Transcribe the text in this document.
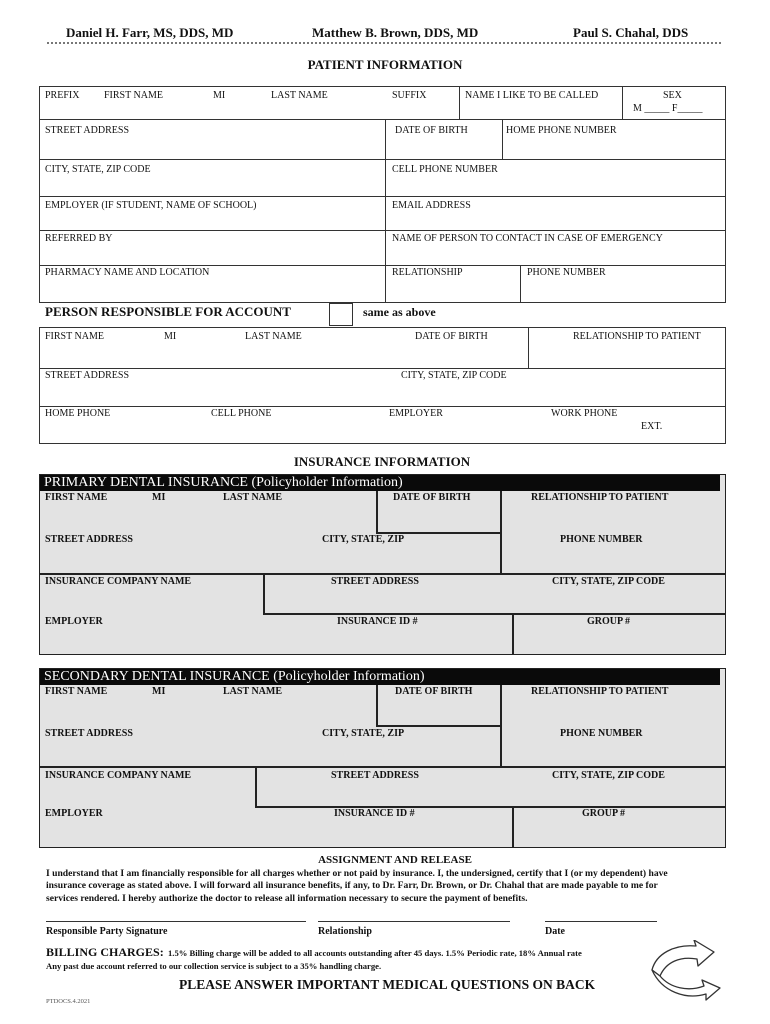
Daniel H. Farr, MS, DDS, MD	Matthew B. Brown, DDS, MD	Paul S. Chahal, DDS
PATIENT INFORMATION
PREFIX FIRST NAME	MI	LAST NAME	SUFFIX	NAME I LIKE TO BE CALLED	SEX
M _____ F_____
STREET ADDRESS	DATE OF BIRTH	HOME PHONE NUMBER
CITY, STATE, ZIP CODE	CELL PHONE NUMBER
EMPLOYER (IF STUDENT, NAME OF SCHOOL)	EMAIL ADDRESS
REFERRED BY	NAME OF PERSON TO CONTACT IN CASE OF EMERGENCY
PHARMACY NAME AND LOCATION	RELATIONSHIP	PHONE NUMBER
PERSON RESPONSIBLE FOR ACCOUNT	same as above
FIRST NAME	MI	LAST NAME	DATE OF BIRTH	RELATIONSHIP TO PATIENT
STREET ADDRESS	CITY, STATE, ZIP CODE
HOME PHONE	CELL PHONE	EMPLOYER	WORK PHONE
EXT.
INSURANCE INFORMATION
PRIMARY DENTAL INSURANCE (Policyholder Information)
FIRST NAME	MI	LAST NAME	DATE OF BIRTH	RELATIONSHIP TO PATIENT
STREET ADDRESS	CITY, STATE, ZIP	PHONE NUMBER
INSURANCE COMPANY NAME	STREET ADDRESS	CITY, STATE, ZIP CODE
EMPLOYER	INSURANCE ID #	GROUP #
SECONDARY DENTAL INSURANCE (Policyholder Information)
FIRST NAME	MI	LAST NAME	DATE OF BIRTH	RELATIONSHIP TO PATIENT
STREET ADDRESS	CITY, STATE, ZIP	PHONE NUMBER
INSURANCE COMPANY NAME	STREET ADDRESS	CITY, STATE, ZIP CODE
EMPLOYER	INSURANCE ID #	GROUP #
ASSIGNMENT AND RELEASE
I understand that I am financially responsible for all charges whether or not paid by insurance. I, the undersigned, certify that I (or my dependent) have
insurance coverage as stated above. I will forward all insurance benefits, if any, to Dr. Farr, Dr. Brown, or Dr. Chahal that are made payable to me for
services rendered. I hereby authorize the doctor to release all information necessary to secure the payment of benefits.
Responsible Party Signature	Relationship	Date
BILLING CHARGES: 1.5% Billing charge will be added to all accounts outstanding after 45 days. 1.5% Periodic rate, 18% Annual rate
Any past due account referred to our collection service is subject to a 35% handling charge.
PLEASE ANSWER IMPORTANT MEDICAL QUESTIONS ON BACK
PTDOCS.4.2021
